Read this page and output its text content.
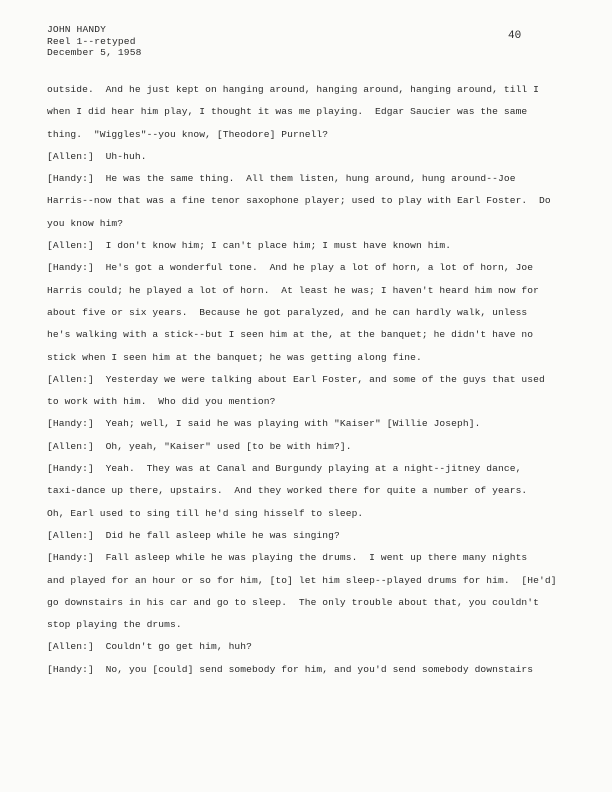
JOHN HANDY
Reel 1--retyped
December 5, 1958
40
outside.  And he just kept on hanging around, hanging around, hanging around, till I
when I did hear him play, I thought it was me playing.  Edgar Saucier was the same
thing.  "Wiggles"--you know, [Theodore] Purnell?
[Allen:]  Uh-huh.
[Handy:]  He was the same thing.  All them listen, hung around, hung around--Joe
Harris--now that was a fine tenor saxophone player; used to play with Earl Foster.  Do
you know him?
[Allen:]  I don't know him; I can't place him; I must have known him.
[Handy:]  He's got a wonderful tone.  And he play a lot of horn, a lot of horn, Joe
Harris could; he played a lot of horn.  At least he was; I haven't heard him now for
about five or six years.  Because he got paralyzed, and he can hardly walk, unless
he's walking with a stick--but I seen him at the, at the banquet; he didn't have no
stick when I seen him at the banquet; he was getting along fine.
[Allen:]  Yesterday we were talking about Earl Foster, and some of the guys that used
to work with him.  Who did you mention?
[Handy:]  Yeah; well, I said he was playing with "Kaiser" [Willie Joseph].
[Allen:]  Oh, yeah, "Kaiser" used [to be with him?].
[Handy:]  Yeah.  They was at Canal and Burgundy playing at a night--jitney dance,
taxi-dance up there, upstairs.  And they worked there for quite a number of years.
Oh, Earl used to sing till he'd sing hisself to sleep.
[Allen:]  Did he fall asleep while he was singing?
[Handy:]  Fall asleep while he was playing the drums.  I went up there many nights
and played for an hour or so for him, [to] let him sleep--played drums for him.  [He'd]
go downstairs in his car and go to sleep.  The only trouble about that, you couldn't
stop playing the drums.
[Allen:]  Couldn't go get him, huh?
[Handy:]  No, you [could] send somebody for him, and you'd send somebody downstairs
